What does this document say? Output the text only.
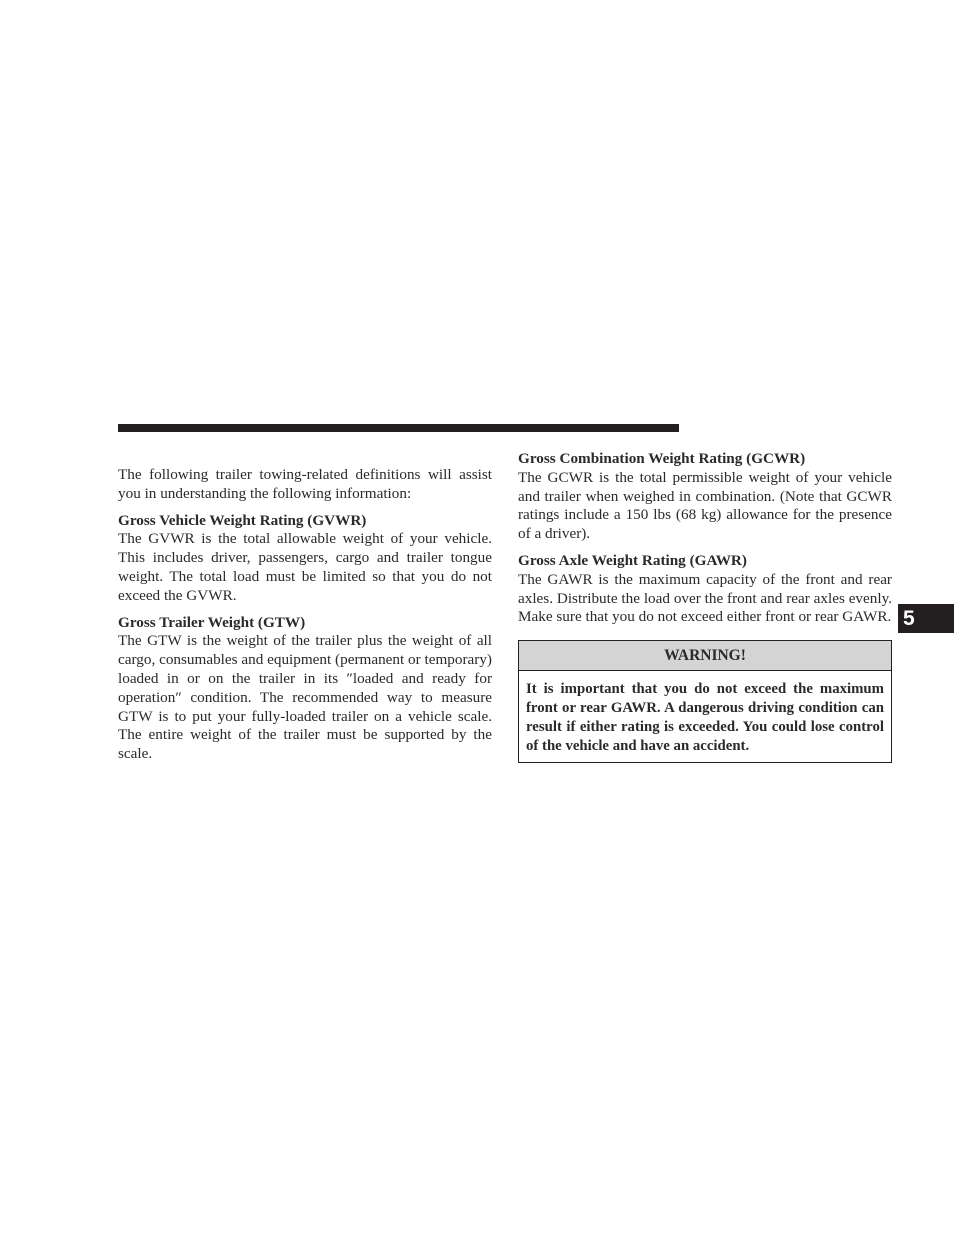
The following trailer towing-related definitions will assist you in understanding the following information:

Gross Vehicle Weight Rating (GVWR)

The GVWR is the total allowable weight of your vehicle. This includes driver, passengers, cargo and trailer tongue weight. The total load must be limited so that you do not exceed the GVWR.

Gross Trailer Weight (GTW)

The GTW is the weight of the trailer plus the weight of all cargo, consumables and equipment (permanent or temporary) loaded in or on the trailer in its ″loaded and ready for operation″ condition. The recommended way to measure GTW is to put your fully-loaded trailer on a vehicle scale. The entire weight of the trailer must be supported by the scale.

Gross Combination Weight Rating (GCWR)

The GCWR is the total permissible weight of your vehicle and trailer when weighed in combination. (Note that GCWR ratings include a 150 lbs (68 kg) allowance for the presence of a driver).

Gross Axle Weight Rating (GAWR)

The GAWR is the maximum capacity of the front and rear axles. Distribute the load over the front and rear axles evenly. Make sure that you do not exceed either front or rear GAWR.

WARNING!
It is important that you do not exceed the maximum front or rear GAWR. A dangerous driving condition can result if either rating is exceeded. You could lose control of the vehicle and have an accident.
5
